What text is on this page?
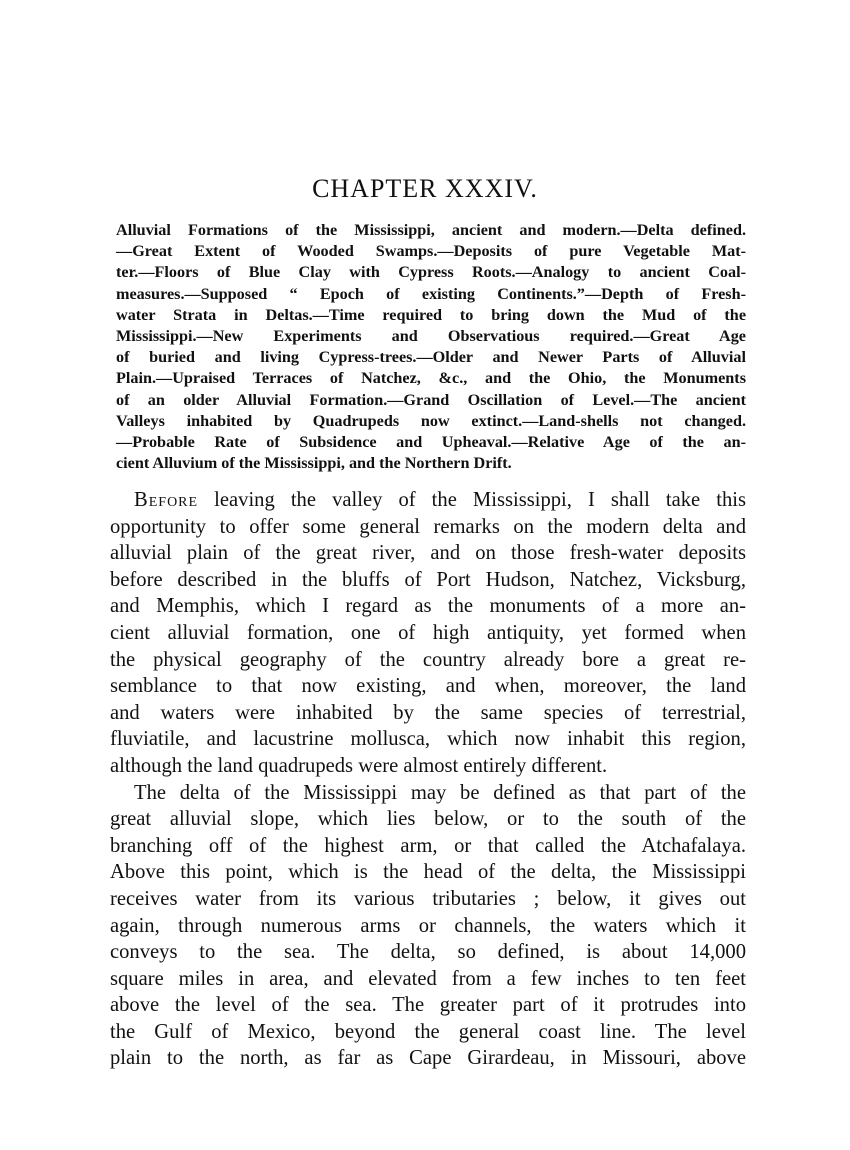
CHAPTER XXXIV.
Alluvial Formations of the Mississippi, ancient and modern.—Delta defined.
—Great Extent of Wooded Swamps.—Deposits of pure Vegetable Mat-
ter.—Floors of Blue Clay with Cypress Roots.—Analogy to ancient Coal-
measures.—Supposed “ Epoch of existing Continents.”—Depth of Fresh-
water Strata in Deltas.—Time required to bring down the Mud of the
Mississippi.—New Experiments and Observatious required.—Great Age
of buried and living Cypress-trees.—Older and Newer Parts of Alluvial
Plain.—Upraised Terraces of Natchez, &c., and the Ohio, the Monuments
of an older Alluvial Formation.—Grand Oscillation of Level.—The ancient
Valleys inhabited by Quadrupeds now extinct.—Land-shells not changed.
—Probable Rate of Subsidence and Upheaval.—Relative Age of the an-
cient Alluvium of the Mississippi, and the Northern Drift.
Before leaving the valley of the Mississippi, I shall take this
opportunity to offer some general remarks on the modern delta and
alluvial plain of the great river, and on those fresh-water deposits
before described in the bluffs of Port Hudson, Natchez, Vicksburg,
and Memphis, which I regard as the monuments of a more an-
cient alluvial formation, one of high antiquity, yet formed when
the physical geography of the country already bore a great re-
semblance to that now existing, and when, moreover, the land
and waters were inhabited by the same species of terrestrial,
fluviatile, and lacustrine mollusca, which now inhabit this region,
although the land quadrupeds were almost entirely different.
The delta of the Mississippi may be defined as that part of the
great alluvial slope, which lies below, or to the south of the
branching off of the highest arm, or that called the Atchafalaya.
Above this point, which is the head of the delta, the Mississippi
receives water from its various tributaries ; below, it gives out
again, through numerous arms or channels, the waters which it
conveys to the sea. The delta, so defined, is about 14,000
square miles in area, and elevated from a few inches to ten feet
above the level of the sea. The greater part of it protrudes into
the Gulf of Mexico, beyond the general coast line. The level
plain to the north, as far as Cape Girardeau, in Missouri, above
